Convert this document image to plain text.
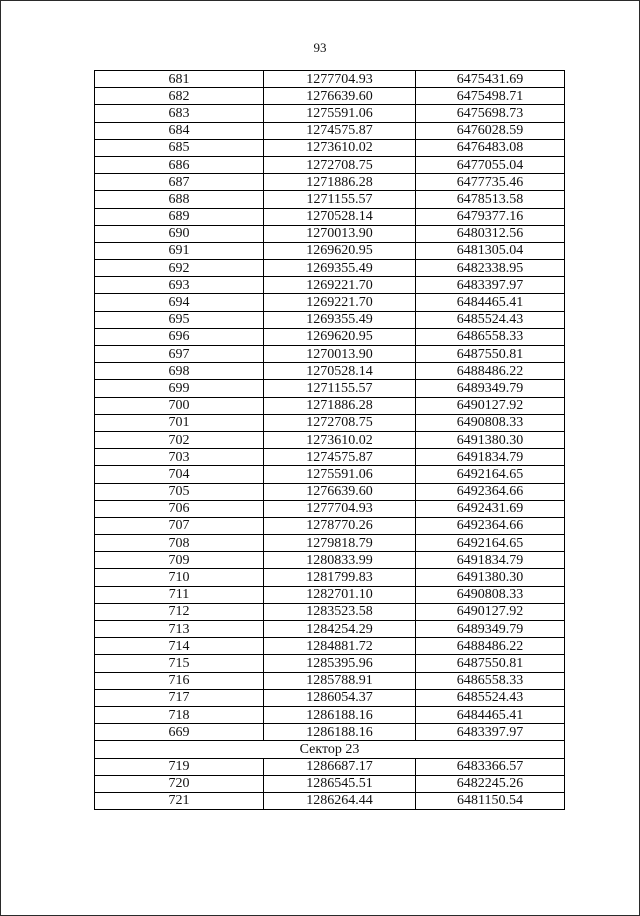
93
681	1277704.93	6475431.69
682	1276639.60	6475498.71
683	1275591.06	6475698.73
684	1274575.87	6476028.59
685	1273610.02	6476483.08
686	1272708.75	6477055.04
687	1271886.28	6477735.46
688	1271155.57	6478513.58
689	1270528.14	6479377.16
690	1270013.90	6480312.56
691	1269620.95	6481305.04
692	1269355.49	6482338.95
693	1269221.70	6483397.97
694	1269221.70	6484465.41
695	1269355.49	6485524.43
696	1269620.95	6486558.33
697	1270013.90	6487550.81
698	1270528.14	6488486.22
699	1271155.57	6489349.79
700	1271886.28	6490127.92
701	1272708.75	6490808.33
702	1273610.02	6491380.30
703	1274575.87	6491834.79
704	1275591.06	6492164.65
705	1276639.60	6492364.66
706	1277704.93	6492431.69
707	1278770.26	6492364.66
708	1279818.79	6492164.65
709	1280833.99	6491834.79
710	1281799.83	6491380.30
711	1282701.10	6490808.33
712	1283523.58	6490127.92
713	1284254.29	6489349.79
714	1284881.72	6488486.22
715	1285395.96	6487550.81
716	1285788.91	6486558.33
717	1286054.37	6485524.43
718	1286188.16	6484465.41
669	1286188.16	6483397.97
Сектор 23		
719	1286687.17	6483366.57
720	1286545.51	6482245.26
721	1286264.44	6481150.54
